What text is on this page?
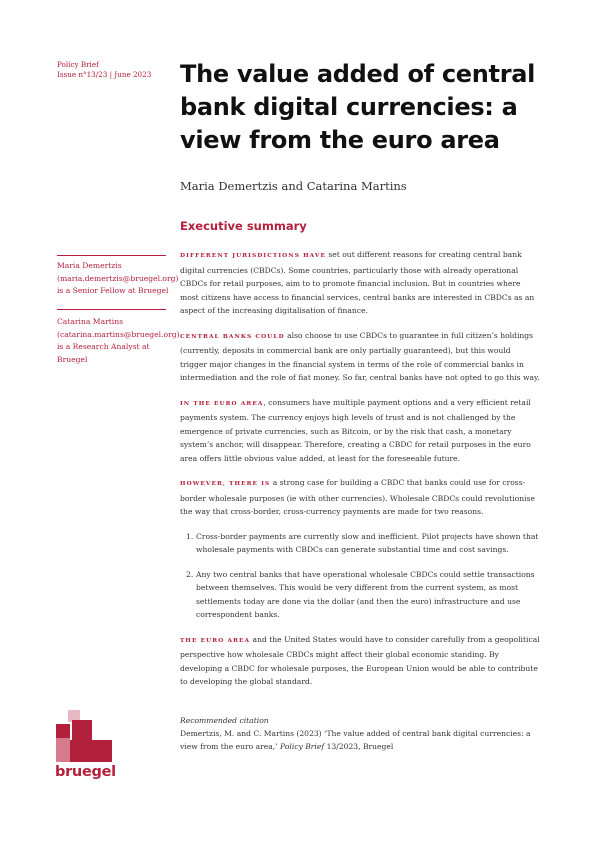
Policy Brief
Issue n°13/23 | June 2023 The value added of central bank digital currencies: a view from the euro area
Maria Demertzis and Catarina Martins
Executive summary
Maria Demertzis (maria.demertzis@bruegel.org) is a Senior Fellow at Bruegel
Catarina Martins (catarina.martins@bruegel.org) is a Research Analyst at Bruegel

DIFFERENT JURISDICTIONS HAVE set out different reasons for creating central bank digital currencies (CBDCs). Some countries, particularly those with already operational CBDCs for retail purposes, aim to to promote financial inclusion. But in countries where most citizens have access to financial services, central banks are interested in CBDCs as an aspect of the increasing digitalisation of finance.

CENTRAL BANKS COULD also choose to use CBDCs to guarantee in full citizen’s holdings (currently, deposits in commercial bank are only partially guaranteed), but this would trigger major changes in the financial system in terms of the role of commercial banks in intermediation and the role of fiat money. So far, central banks have not opted to go this way.

IN THE EURO AREA, consumers have multiple payment options and a very efficient retail payments system. The currency enjoys high levels of trust and is not challenged by the emergence of private currencies, such as Bitcoin, or by the risk that cash, a monetary system’s anchor, will disappear. Therefore, creating a CBDC for retail purposes in the euro area offers little obvious value added, at least for the foreseeable future.

HOWEVER, THERE IS a strong case for building a CBDC that banks could use for cross-border wholesale purposes (ie with other currencies). Wholesale CBDCs could revolutionise the way that cross-border, cross-currency payments are made for two reasons.

1. Cross-border payments are currently slow and inefficient. Pilot projects have shown that wholesale payments with CBDCs can generate substantial time and cost savings.
2. Any two central banks that have operational wholesale CBDCs could settle transactions between themselves. This would be very different from the current system, as most settlements today are done via the dollar (and then the euro) infrastructure and use correspondent banks.

THE EURO AREA and the United States would have to consider carefully from a geopolitical perspective how wholesale CBDCs might affect their global economic standing. By developing a CBDC for wholesale purposes, the European Union would be able to contribute to developing the global standard.

Recommended citation
Demertzis, M. and C. Martins (2023) ‘The value added of central bank digital currencies: a view from the euro area,’ Policy Brief 13/2023, Bruegel
bruegel
